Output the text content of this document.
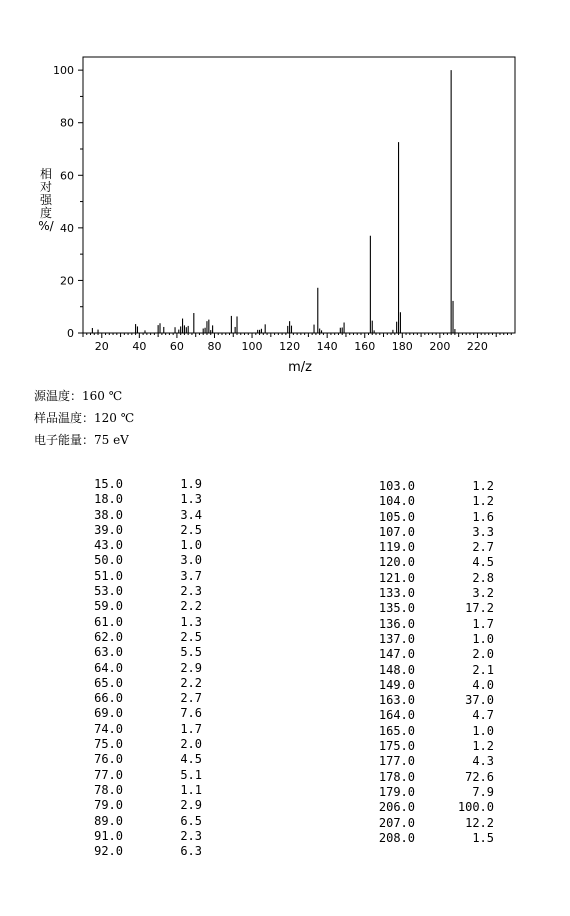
0
20
40
60
80
100
20 40 60 80 100 120 140 160 180 200 220
m/z
相
对
强
度
%/
源温度：160 ℃
样品温度：120 ℃
电子能量：75 eV
15.0	1.9
18.0	1.3
38.0	3.4
39.0	2.5
43.0	1.0
50.0	3.0
51.0	3.7
53.0	2.3
59.0	2.2
61.0	1.3
62.0	2.5
63.0	5.5
64.0	2.9
65.0	2.2
66.0	2.7
69.0	7.6
74.0	1.7
75.0	2.0
76.0	4.5
77.0	5.1
78.0	1.1
79.0	2.9
89.0	6.5
91.0	2.3
92.0	6.3
103.0	1.2
104.0	1.2
105.0	1.6
107.0	3.3
119.0	2.7
120.0	4.5
121.0	2.8
133.0	3.2
135.0	17.2
136.0	1.7
137.0	1.0
147.0	2.0
148.0	2.1
149.0	4.0
163.0	37.0
164.0	4.7
165.0	1.0
175.0	1.2
177.0	4.3
178.0	72.6
179.0	7.9
206.0	100.0
207.0	12.2
208.0	1.5
